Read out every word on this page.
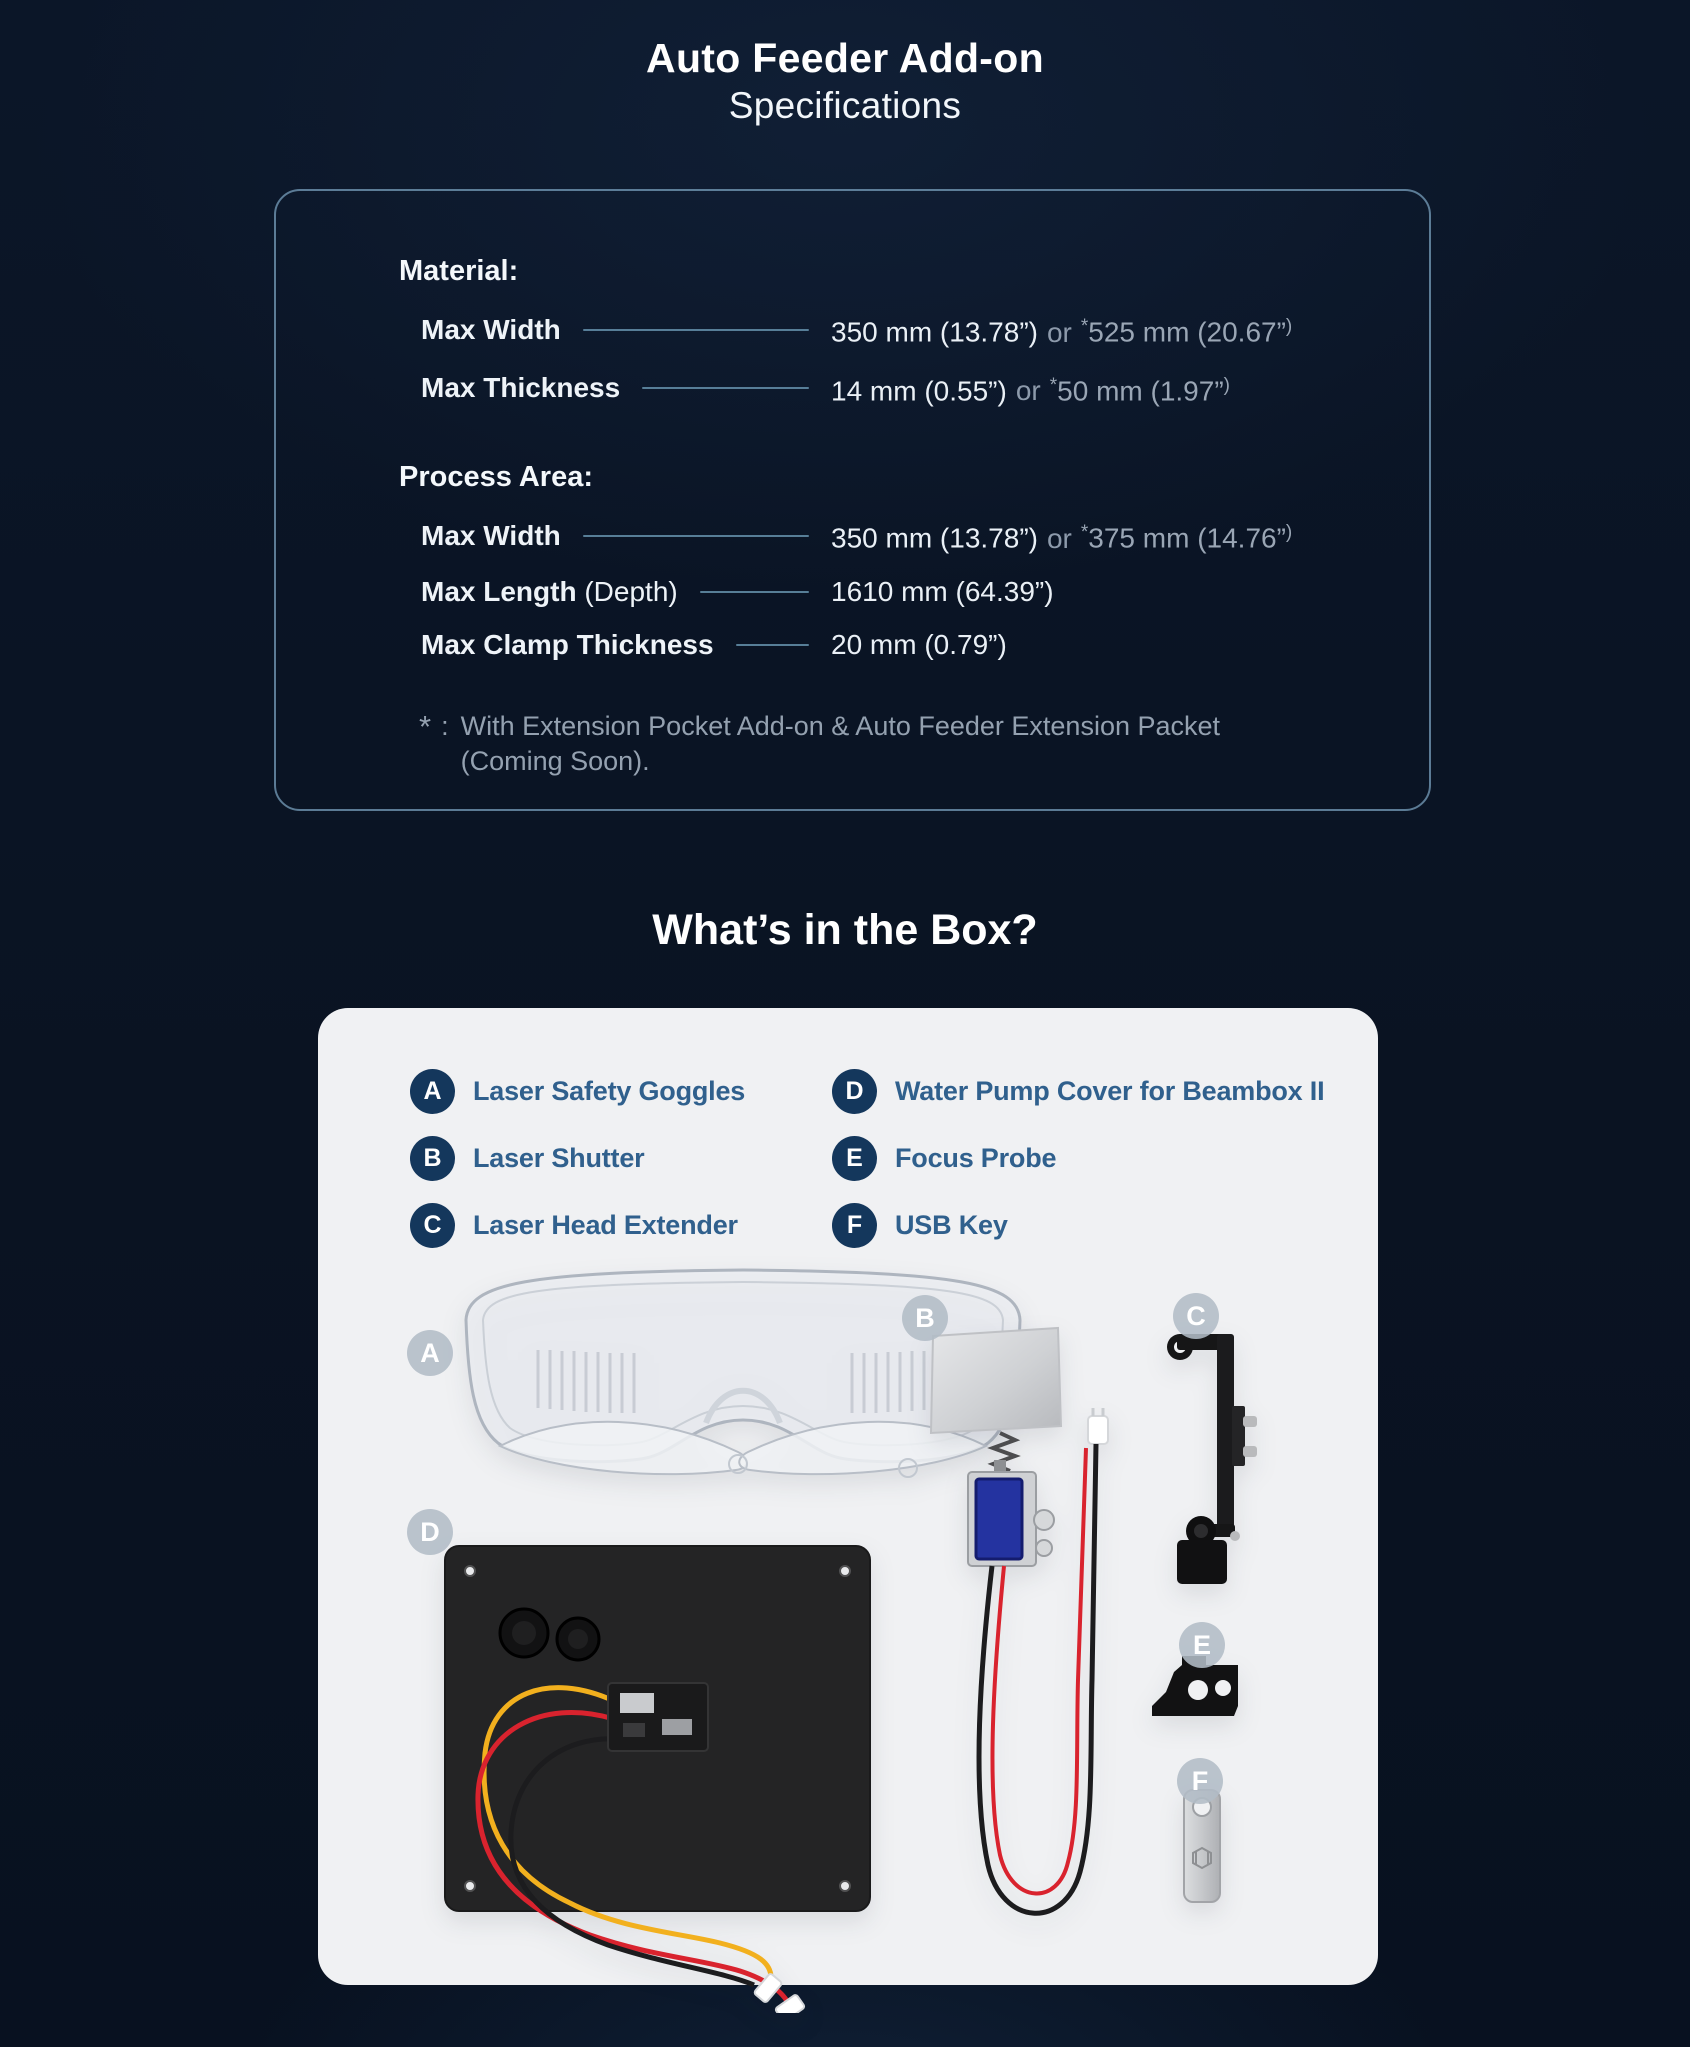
Auto Feeder Add-on
Specifications
Material:
Max Width	350 mm (13.78”) or *525 mm (20.67”)
Max Thickness	14 mm (0.55”) or *50 mm (1.97”)
Process Area:
Max Width	350 mm (13.78”) or *375 mm (14.76”)
Max Length (Depth)	1610 mm (64.39”)
Max Clamp Thickness	20 mm (0.79”)
* : With Extension Pocket Add-on & Auto Feeder Extension Packet
(Coming Soon).
What’s in the Box?
A	Laser Safety Goggles
B	Laser Shutter
C	Laser Head Extender
D	Water Pump Cover for Beambox II
E	Focus Probe
F	USB Key
A
B	C
D
E
F
